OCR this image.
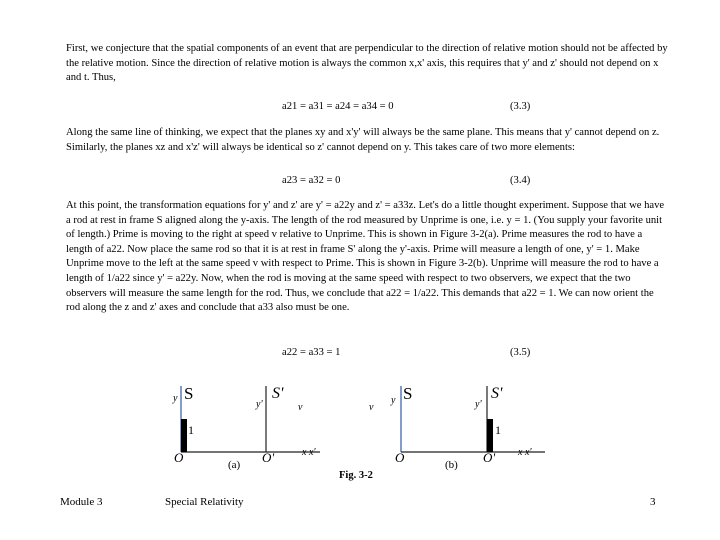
First, we conjecture that the spatial components of an event that are perpendicular to the direction of relative motion should not be affected by the relative motion. Since the direction of relative motion is always the common x,x' axis, this requires that y' and z' should not depend on x and t. Thus,

a21 = a31 = a24 = a34 = 0	(3.3)

Along the same line of thinking, we expect that the planes xy and x'y' will always be the same plane. This means that y' cannot depend on z. Similarly, the planes xz and x'z' will always be identical so z' cannot depend on y. This takes care of two more elements:

a23 = a32 = 0	(3.4)

At this point, the transformation equations for y' and z' are y' = a22y and z' = a33z. Let's do a little thought experiment. Suppose that we have a rod at rest in frame S aligned along the y-axis. The length of the rod measured by Unprime is one, i.e. y = 1. (You supply your favorite unit of length.) Prime is moving to the right at speed v relative to Unprime. This is shown in Figure 3-2(a). Prime measures the rod to have a length of a22. Now place the same rod so that it is at rest in frame S' along the y'-axis. Prime will measure a length of one, y' = 1. Make Unprime move to the left at the same speed v with respect to Prime. This is shown in Figure 3-2(b). Unprime will measure the rod to have a length of 1/a22 since y' = a22y. Now, when the rod is moving at the same speed with respect to two observers, we expect that the two observers will measure the same length for the rod. Thus, we conclude that a22 = 1/a22. This demands that a22 = 1. We can now orient the rod along the z and z' axes and conclude that a33 also must be one.

a22 = a33 = 1	(3.5)
y S
y'
S'
v
1
O	O'	x x'
(a)
Fig. 3-2
v
y S
y'
S'
1
O	O' x x'
(b)
Module 3	Special Relativity	3
